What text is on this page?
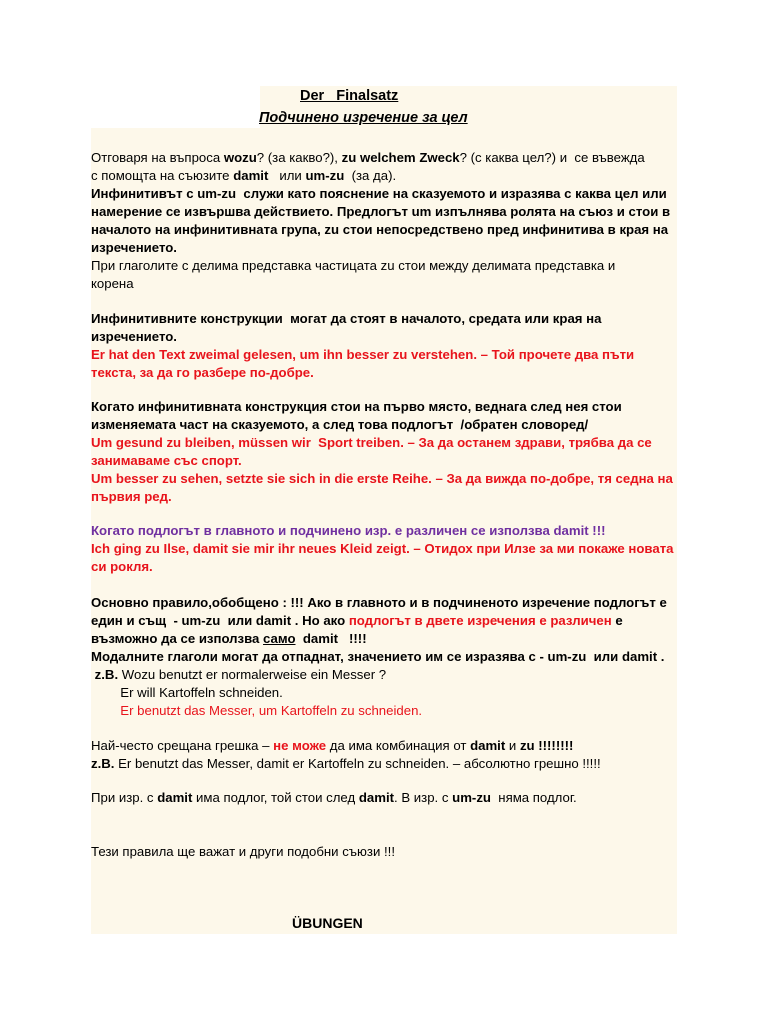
Der   Finalsatz
Подчинено изречение за цел
Отговаря на въпроса wozu? (за какво?), zu welchem Zweck? (с каква цел?) и  се въвежда
с помощта на съюзите damit   или um-zu  (за да).
Инфинитивът с um-zu  служи като пояснение на сказуемото и изразява с каква цел или
намерение се извършва действието. Предлогът um изпълнява ролята на съюз и стои в
началото на инфинитивната група, zu стои непосредствено пред инфинитива в края на
изречението.
При глаголите с делима представка частицата zu стои между делимата представка и
корена
Инфинитивните конструкции  могат да стоят в началото, средата или края на
изречението.
Er hat den Text zweimal gelesen, um ihn besser zu verstehen. – Той прочете два пъти
текста, за да го разбере по-добре.
Когато инфинитивната конструкция стои на първо място, веднага след нея стои
изменяемата част на сказуемото, а след това подлогът  /обратен словоред/
Um gesund zu bleiben, müssen wir  Sport treiben. – За да останем здрави, трябва да се
занимаваме със спорт.
Um besser zu sehen, setzte sie sich in die erste Reihe. – За да вижда по-добре, тя седна на
първия ред.
Когато подлогът в главното и подчинено изр. е различен се използва damit !!!
Ich ging zu Ilse, damit sie mir ihr neues Kleid zeigt. – Отидох при Илзе за ми покаже новата
си рокля.
Основно правило,обобщено : !!! Ако в главното и в подчиненото изречение подлогът е
един и същ  - um-zu  или damit . Но ако подлогът в двете изречения е различен е
възможно да се използва само damit !!!!
Модалните глаголи могат да отпаднат, значението им се изразява с - um-zu  или damit .
z.B. Wozu benutzt er normalerweise ein Messer ?
Er will Kartoffeln schneiden.
Er benutzt das Messer, um Kartoffeln zu schneiden.
Най-често срещана грешка – не може да има комбинация от damit и zu !!!!!!!!
z.B. Er benutzt das Messer, damit er Kartoffeln zu schneiden. – абсолютно грешно !!!!!
При изр. с damit има подлог, той стои след damit. В изр. с um-zu  няма подлог.
Тези правила ще важат и други подобни съюзи !!!
ÜBUNGEN
